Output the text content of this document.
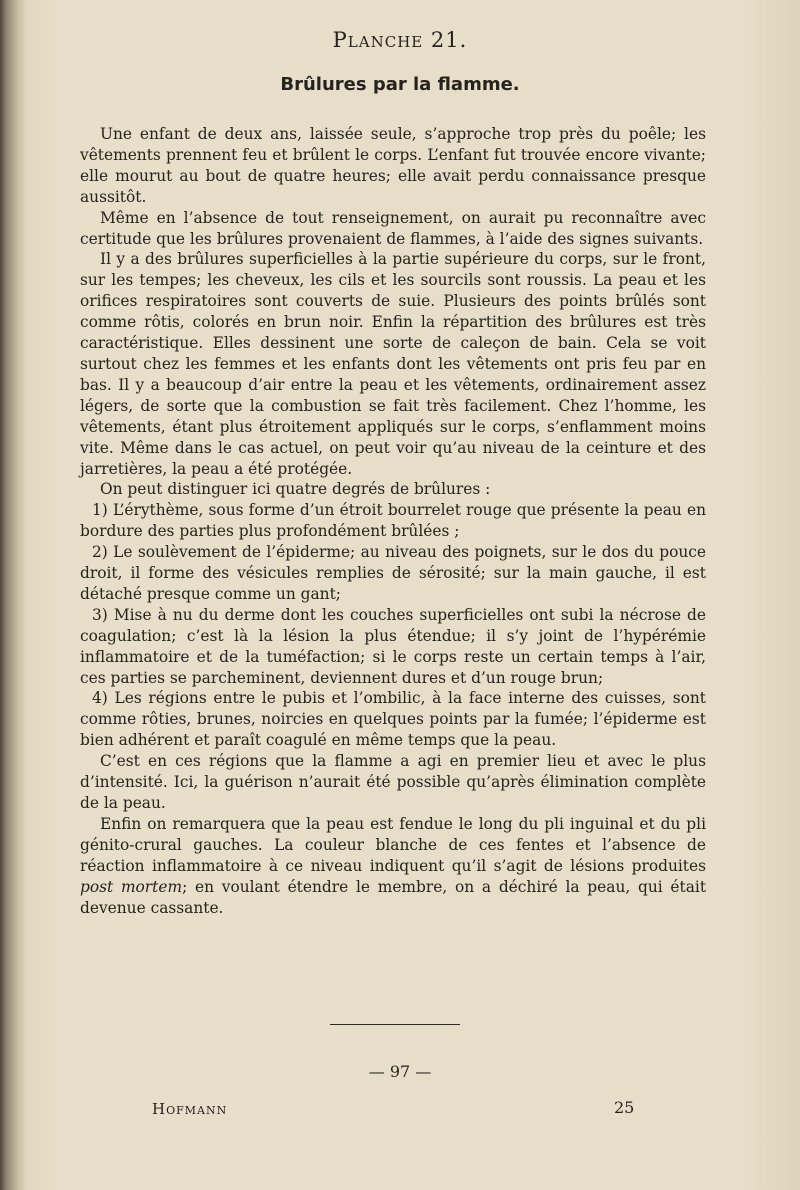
Planche 21.
Brûlures par la flamme.

Une enfant de deux ans, laissée seule, s’approche trop près du poêle; les vêtements prennent feu et brûlent le corps. L’enfant fut trouvée encore vivante; elle mourut au bout de quatre heures; elle avait perdu connaissance presque aussitôt.

Même en l’absence de tout renseignement, on aurait pu reconnaître avec certitude que les brûlures provenaient de flammes, à l’aide des signes suivants.

Il y a des brûlures superficielles à la partie supérieure du corps, sur le front, sur les tempes; les cheveux, les cils et les sourcils sont roussis. La peau et les orifices respiratoires sont couverts de suie. Plusieurs des points brûlés sont comme rôtis, colorés en brun noir. Enfin la répartition des brûlures est très caractéristique. Elles dessinent une sorte de caleçon de bain. Cela se voit surtout chez les femmes et les enfants dont les vêtements ont pris feu par en bas. Il y a beaucoup d’air entre la peau et les vêtements, ordinairement assez légers, de sorte que la combustion se fait très facilement. Chez l’homme, les vêtements, étant plus étroitement appliqués sur le corps, s’enflamment moins vite. Même dans le cas actuel, on peut voir qu’au niveau de la ceinture et des jarretières, la peau a été protégée.

On peut distinguer ici quatre degrés de brûlures :

1) L’érythème, sous forme d’un étroit bourrelet rouge que présente la peau en bordure des parties plus profondément brûlées ;

2) Le soulèvement de l’épiderme; au niveau des poignets, sur le dos du pouce droit, il forme des vésicules remplies de sérosité; sur la main gauche, il est détaché presque comme un gant;

3) Mise à nu du derme dont les couches superficielles ont subi la nécrose de coagulation; c’est là la lésion la plus étendue; il s’y joint de l’hypérémie inflammatoire et de la tuméfaction; si le corps reste un certain temps à l’air, ces parties se parcheminent, deviennent dures et d’un rouge brun;

4) Les régions entre le pubis et l’ombilic, à la face interne des cuisses, sont comme rôties, brunes, noircies en quelques points par la fumée; l’épiderme est bien adhérent et paraît coagulé en même temps que la peau.

C’est en ces régions que la flamme a agi en premier lieu et avec le plus d’intensité. Ici, la guérison n’aurait été possible qu’après élimination complète de la peau.

Enfin on remarquera que la peau est fendue le long du pli inguinal et du pli génito-crural gauches. La couleur blanche de ces fentes et l’absence de réaction inflammatoire à ce niveau indiquent qu’il s’agit de lésions produites post mortem; en voulant étendre le membre, on a déchiré la peau, qui était devenue cassante.

— 97 —
Hofmann	25
